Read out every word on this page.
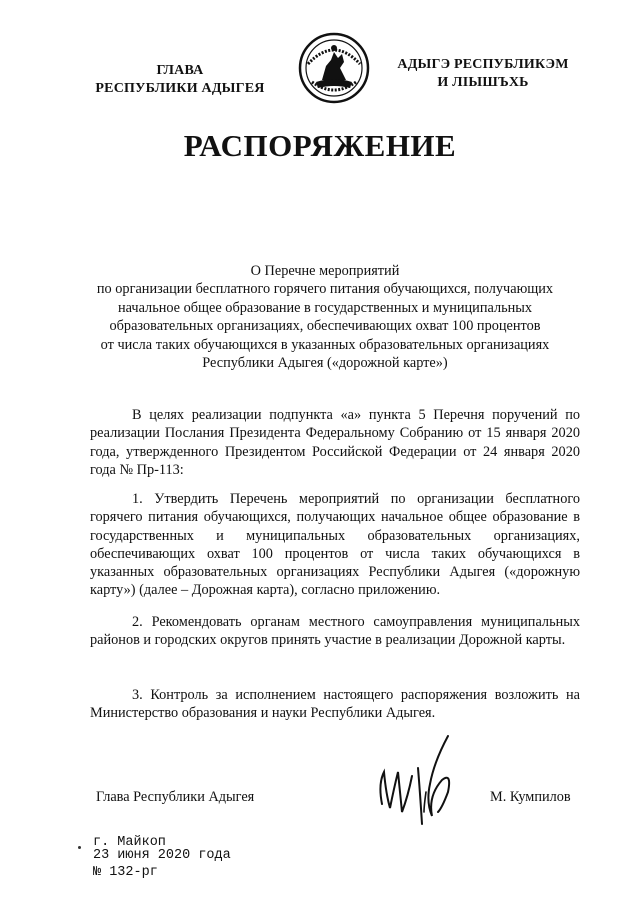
ГЛАВА
РЕСПУБЛИКИ АДЫГЕЯ
АДЫГЭ РЕСПУБЛИКЭМ
И ЛІЫШЪХЬ
РАСПОРЯЖЕНИЕ
О Перечне мероприятий
по организации бесплатного горячего питания обучающихся, получающих
начальное общее образование в государственных и муниципальных
образовательных организациях, обеспечивающих охват 100 процентов
от числа таких обучающихся в указанных образовательных организациях
Республики Адыгея («дорожной карте»)

В целях реализации подпункта «а» пункта 5 Перечня поручений по реализации Послания Президента Федеральному Собранию от 15 января 2020 года, утвержденного Президентом Российской Федерации от 24 января 2020 года № Пр-113:

1. Утвердить Перечень мероприятий по организации бесплатного горячего питания обучающихся, получающих начальное общее образование в государственных и муниципальных образовательных организациях, обеспечивающих охват 100 процентов от числа таких обучающихся в указанных образовательных организациях Республики Адыгея («дорожную карту») (далее – Дорожная карта), согласно приложению.

2. Рекомендовать органам местного самоуправления муниципальных районов и городских округов принять участие в реализации Дорожной карты.

3. Контроль за исполнением настоящего распоряжения возложить на Министерство образования и науки Республики Адыгея.

Глава Республики Адыгея	М. Кумпилов
г. Майкоп
23 июня 2020 года
№ 132-рг
